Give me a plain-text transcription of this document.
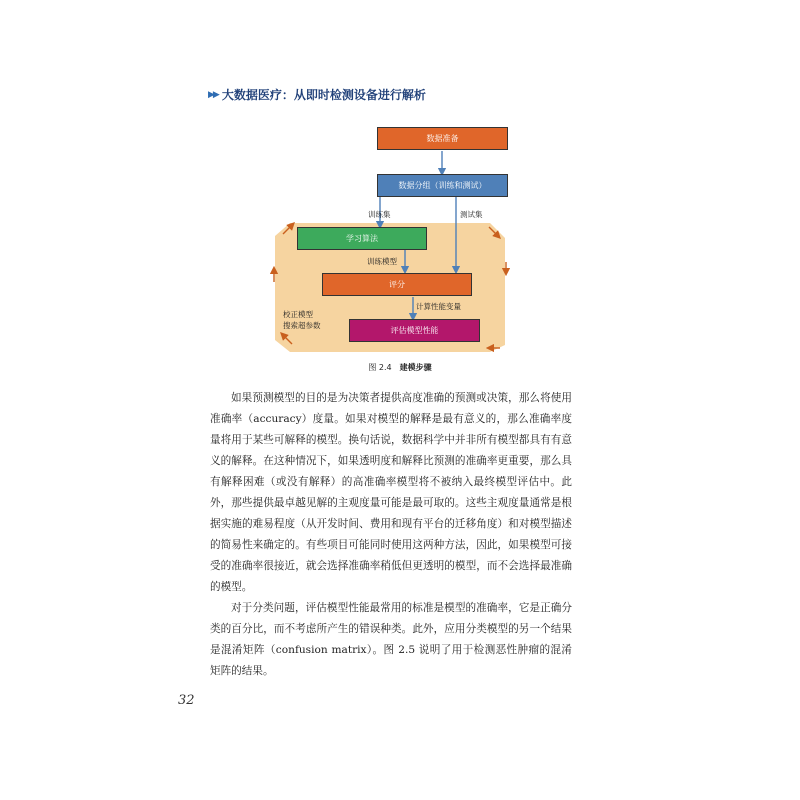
▶▶ 大数据医疗：从即时检测设备进行解析
数据准备
数据分组（训练和测试）
学习算法
评分
评估模型性能
训练集	测试集
训练模型
计算性能变量
校正模型
搜索超参数
图 2.4 建模步骤

如果预测模型的目的是为决策者提供高度准确的预测或决策，那么将使用准确率（accuracy）度量。如果对模型的解释是最有意义的，那么准确率度量将用于某些可解释的模型。换句话说，数据科学中并非所有模型都具有有意义的解释。在这种情况下，如果透明度和解释比预测的准确率更重要，那么具有解释困难（或没有解释）的高准确率模型将不被纳入最终模型评估中。此外，那些提供最卓越见解的主观度量可能是最可取的。这些主观度量通常是根据实施的难易程度（从开发时间、费用和现有平台的迁移角度）和对模型描述的简易性来确定的。有些项目可能同时使用这两种方法，因此，如果模型可接受的准确率很接近，就会选择准确率稍低但更透明的模型，而不会选择最准确的模型。

对于分类问题，评估模型性能最常用的标准是模型的准确率，它是正确分类的百分比，而不考虑所产生的错误种类。此外，应用分类模型的另一个结果是混淆矩阵（confusion matrix）。图 2.5 说明了用于检测恶性肿瘤的混淆矩阵的结果。

32
